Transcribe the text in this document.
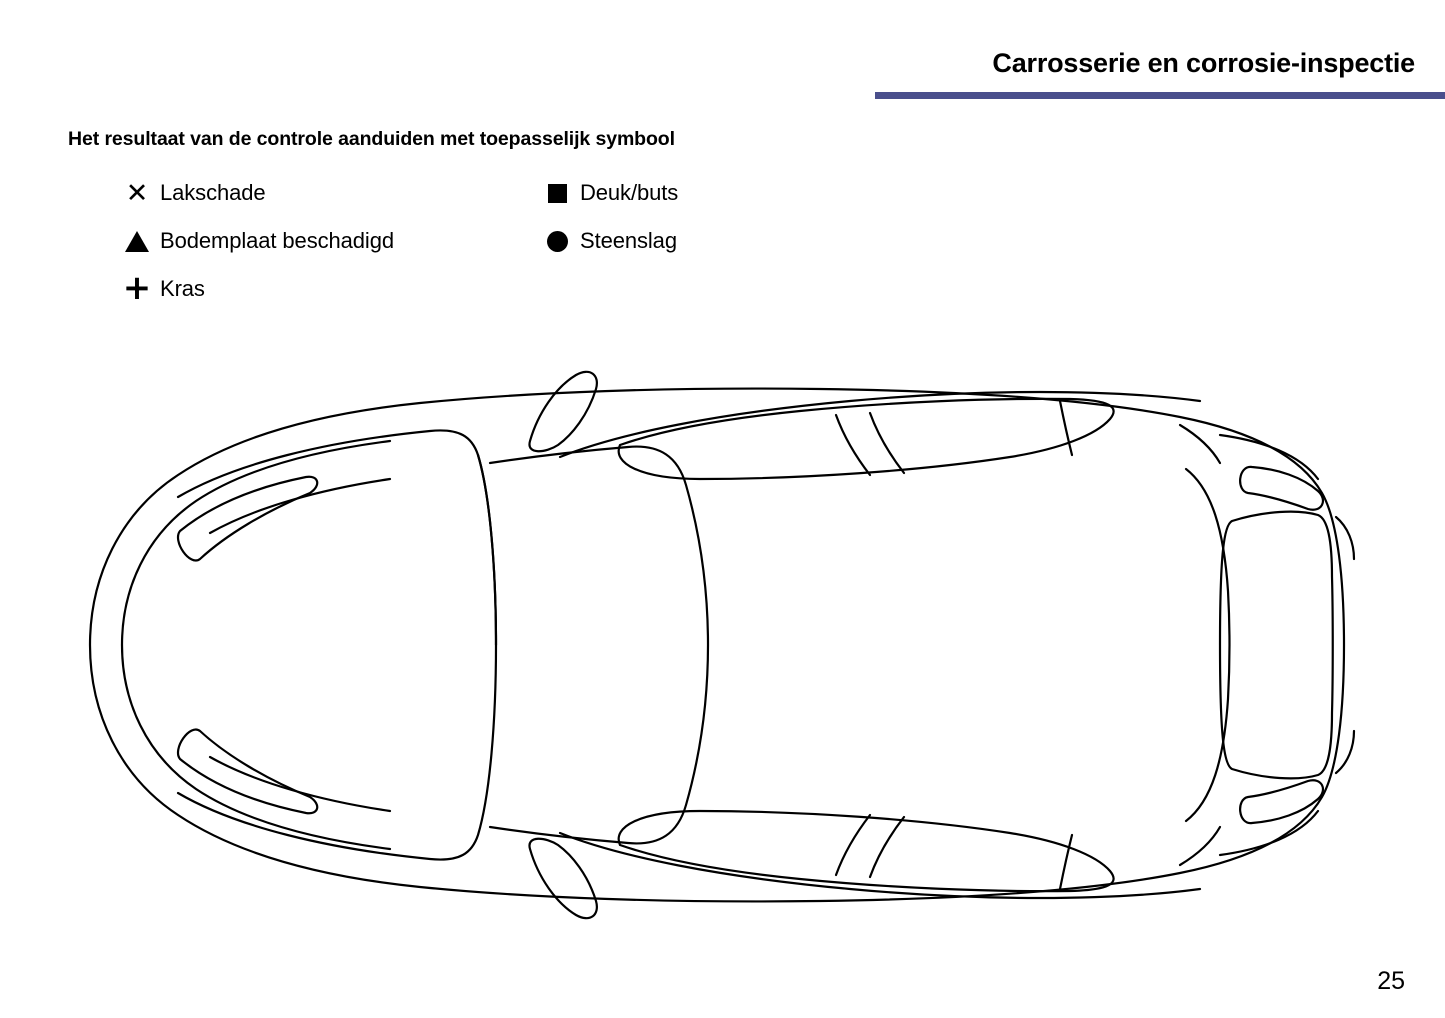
Carrosserie en corrosie-inspectie
Het resultaat van de controle aanduiden met toepasselijk symbool
✕ Lakschade	Deuk/buts
Bodemplaat beschadigd	Steenslag
+ Kras
25
